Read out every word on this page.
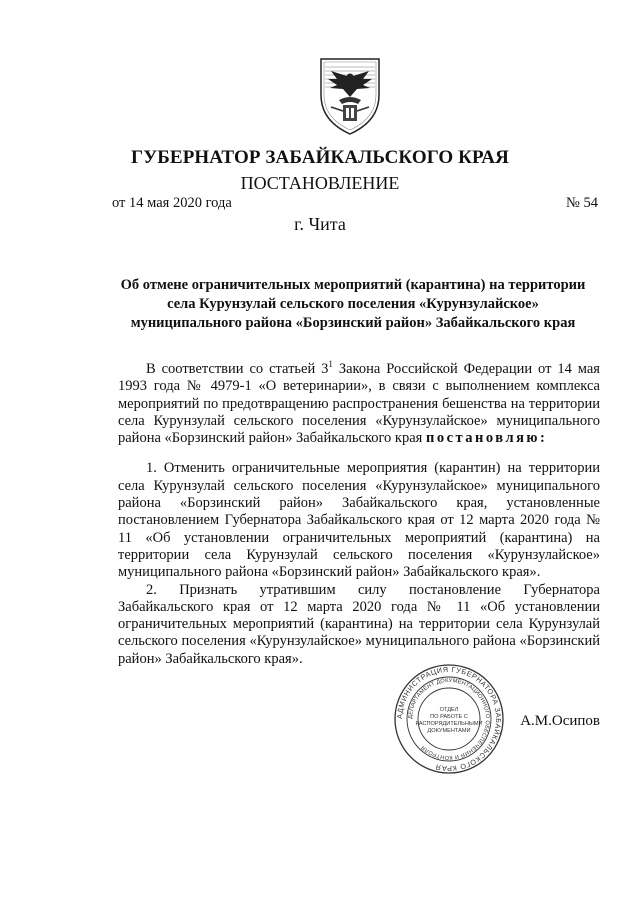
ГУБЕРНАТОР ЗАБАЙКАЛЬСКОГО КРАЯ
ПОСТАНОВЛЕНИЕ
от 14 мая 2020 года	№ 54
г. Чита
Об отмене ограничительных мероприятий (карантина) на территории
села Курунзулай сельского поселения «Курунзулайское»
муниципального района «Борзинский район» Забайкальского края

В соответствии со статьей $3^1$ Закона Российской Федерации от 14 мая 1993 года № 4979-1 «О ветеринарии», в связи с выполнением комплекса мероприятий по предотвращению распространения бешенства на территории села Курунзулай сельского поселения «Курунзулайское» муниципального района «Борзинский район» Забайкальского края постановляю:

1. Отменить ограничительные мероприятия (карантин) на территории села Курунзулай сельского поселения «Курунзулайское» муниципального района «Борзинский район» Забайкальского края, установленные постановлением Губернатора Забайкальского края от 12 марта 2020 года № 11 «Об установлении ограничительных мероприятий (карантина) на территории села Курунзулай сельского поселения «Курунзулайское» муниципального района «Борзинский район» Забайкальского края».

2. Признать утратившим силу постановление Губернатора Забайкальского края от 12 марта 2020 года № 11 «Об установлении ограничительных мероприятий (карантина) на территории села Курунзулай сельского поселения «Курунзулайское» муниципального района «Борзинский район» Забайкальского края».

АДМИНИСТРАЦИЯ ГУБЕРНАТОРА ЗАБАЙКАЛЬСКОГО КРАЯ
ДЕПАРТАМЕНТ ДОКУМЕНТАЦИОННОГО ОБЕСПЕЧЕНИЯ И КОНТРОЛЯ
ОТДЕЛ
ПО РАБОТЕ С
РАСПОРЯДИТЕЛЬНЫМИ
ДОКУМЕНТАМИ
А.М.Осипов
